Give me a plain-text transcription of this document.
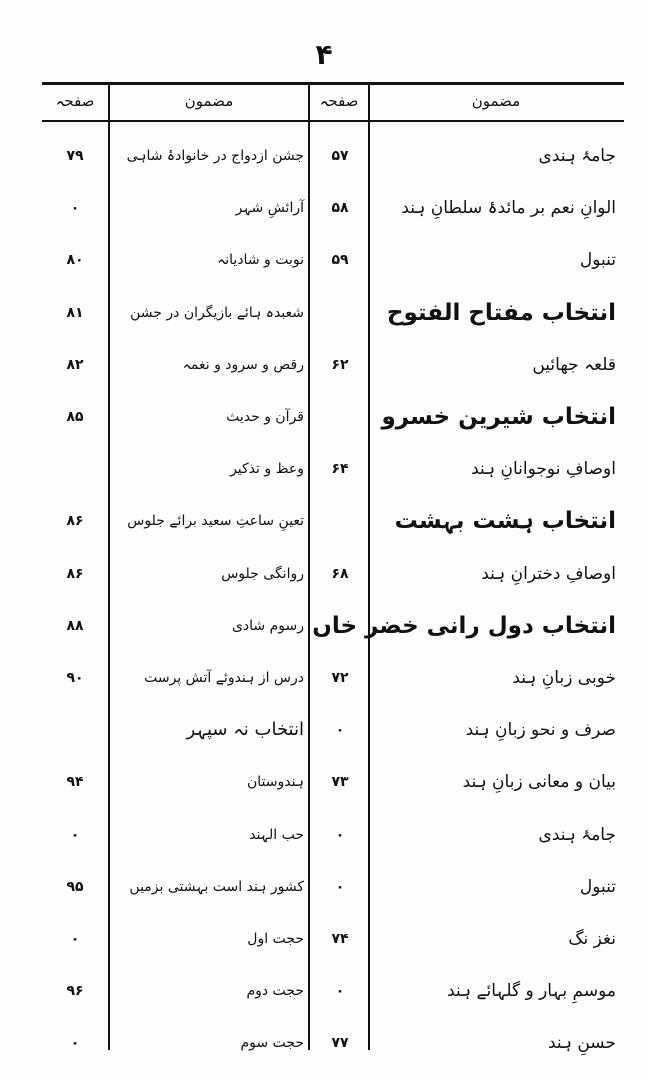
۴
مضمون
صفحہ
مضمون
صفحہ
جامۂ ہندی
۵۷
جشن ازدواج در خانوادۂ شاہی
۷۹
الوانِ نعم بر مائدۂ سلطانِ ہند
۵۸
آرائشِ شہر
۰
تنبول
۵۹
نوبت و شادیانہ
۸۰
انتخاب مفتاح الفتوح
شعبدہ ہائے بازیگران در جشن
۸۱
قلعہ جھائیں
۶۲
رقص و سرود و نغمہ
۸۲
انتخاب شیرین خسرو
قرآن و حدیث
۸۵
اوصافِ نوجوانانِ ہند
۶۴
وعظ و تذکیر
انتخاب ہشت بہشت
تعینِ ساعتِ سعید برائے جلوس
۸۶
اوصافِ دخترانِ ہند
۶۸
روانگی جلوس
۸۶
انتخاب دول رانی خضر خاں
رسوم شادی
۸۸
خوبی زبانِ ہند
۷۲
درس از ہندوئے آتش پرست
۹۰
صرف و نحو زبانِ ہند
۰
انتخاب نہ سپہر
بیان و معانی زبانِ ہند
۷۳
ہندوستان
۹۴
جامۂ ہندی
۰
حب الہند
۰
تنبول
۰
کشور ہند است بہشتی بزمیں
۹۵
نغز نگ
۷۴
حجت اول
۰
موسمِ بہار و گلہائے ہند
۰
حجت دوم
۹۶
حسنِ ہند
۷۷
حجت سوم
۰
